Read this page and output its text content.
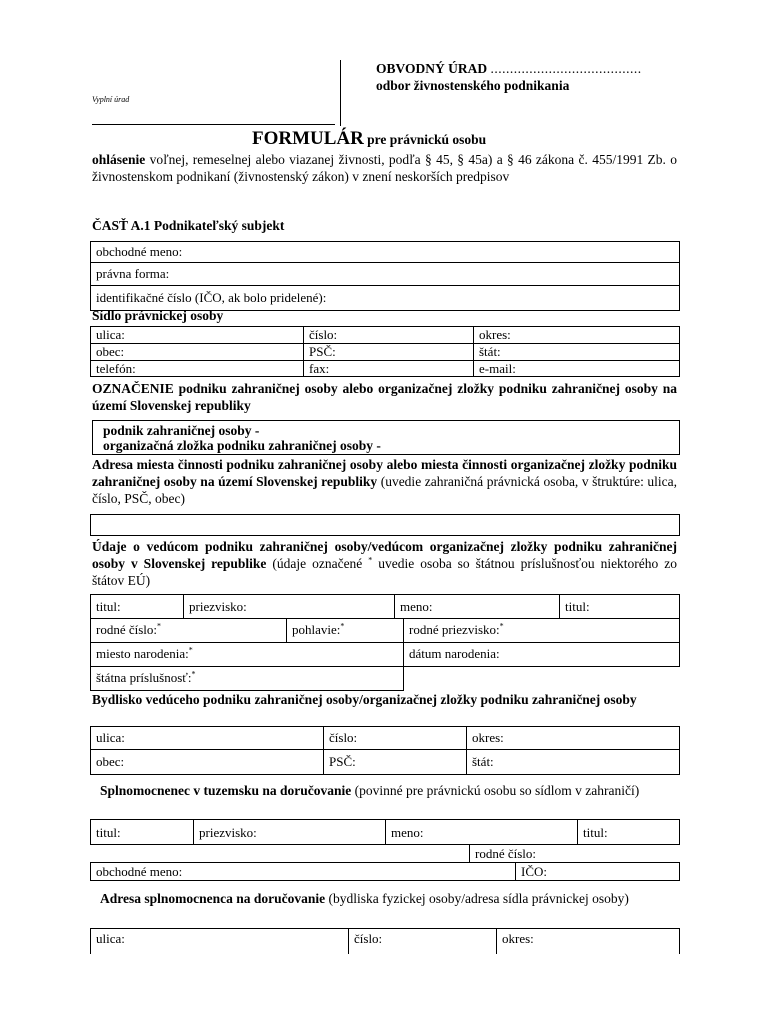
OBVODNÝ ÚRAD .......................................
odbor živnostenského podnikania
Vyplní úrad
FORMULÁR pre právnickú osobu
ohlásenie voľnej, remeselnej alebo viazanej živnosti, podľa § 45, § 45a) a § 46 zákona č. 455/1991 Zb. o živnostenskom podnikaní (živnostenský zákon) v znení neskorších predpisov
ČASŤ A.1 Podnikateľský subjekt
obchodné meno:
právna forma:
identifikačné číslo (IČO, ak bolo pridelené):
Sídlo právnickej osoby
ulica:	číslo:	okres:
obec:	PSČ:	štát:
telefón:	fax:	e-mail:
OZNAČENIE podniku zahraničnej osoby alebo organizačnej zložky podniku zahraničnej osoby na území Slovenskej republiky
podnik zahraničnej osoby -
organizačná zložka podniku zahraničnej osoby -
Adresa miesta činnosti podniku zahraničnej osoby alebo miesta činnosti organizačnej zložky podniku zahraničnej osoby na území Slovenskej republiky (uvedie zahraničná právnická osoba, v štruktúre: ulica, číslo, PSČ, obec)
Údaje o vedúcom podniku zahraničnej osoby/vedúcom organizačnej zložky podniku zahraničnej osoby v Slovenskej republike (údaje označené * uvedie osoba so štátnou príslušnosťou niektorého zo štátov EÚ)
titul:	priezvisko:	meno:	titul:
rodné číslo:*	pohlavie:*	rodné priezvisko:*
miesto narodenia:*	dátum narodenia:
štátna príslušnosť:*
Bydlisko vedúceho podniku zahraničnej osoby/organizačnej zložky podniku zahraničnej osoby
ulica:	číslo:	okres:
obec:	PSČ:	štát:
Splnomocnenec v tuzemsku na doručovanie (povinné pre právnickú osobu so sídlom v zahraničí)
titul:	priezvisko:	meno:	titul:
rodné číslo:
obchodné meno:	IČO:
Adresa splnomocnenca na doručovanie (bydliska fyzickej osoby/adresa sídla právnickej osoby)
ulica:	číslo:	okres:
